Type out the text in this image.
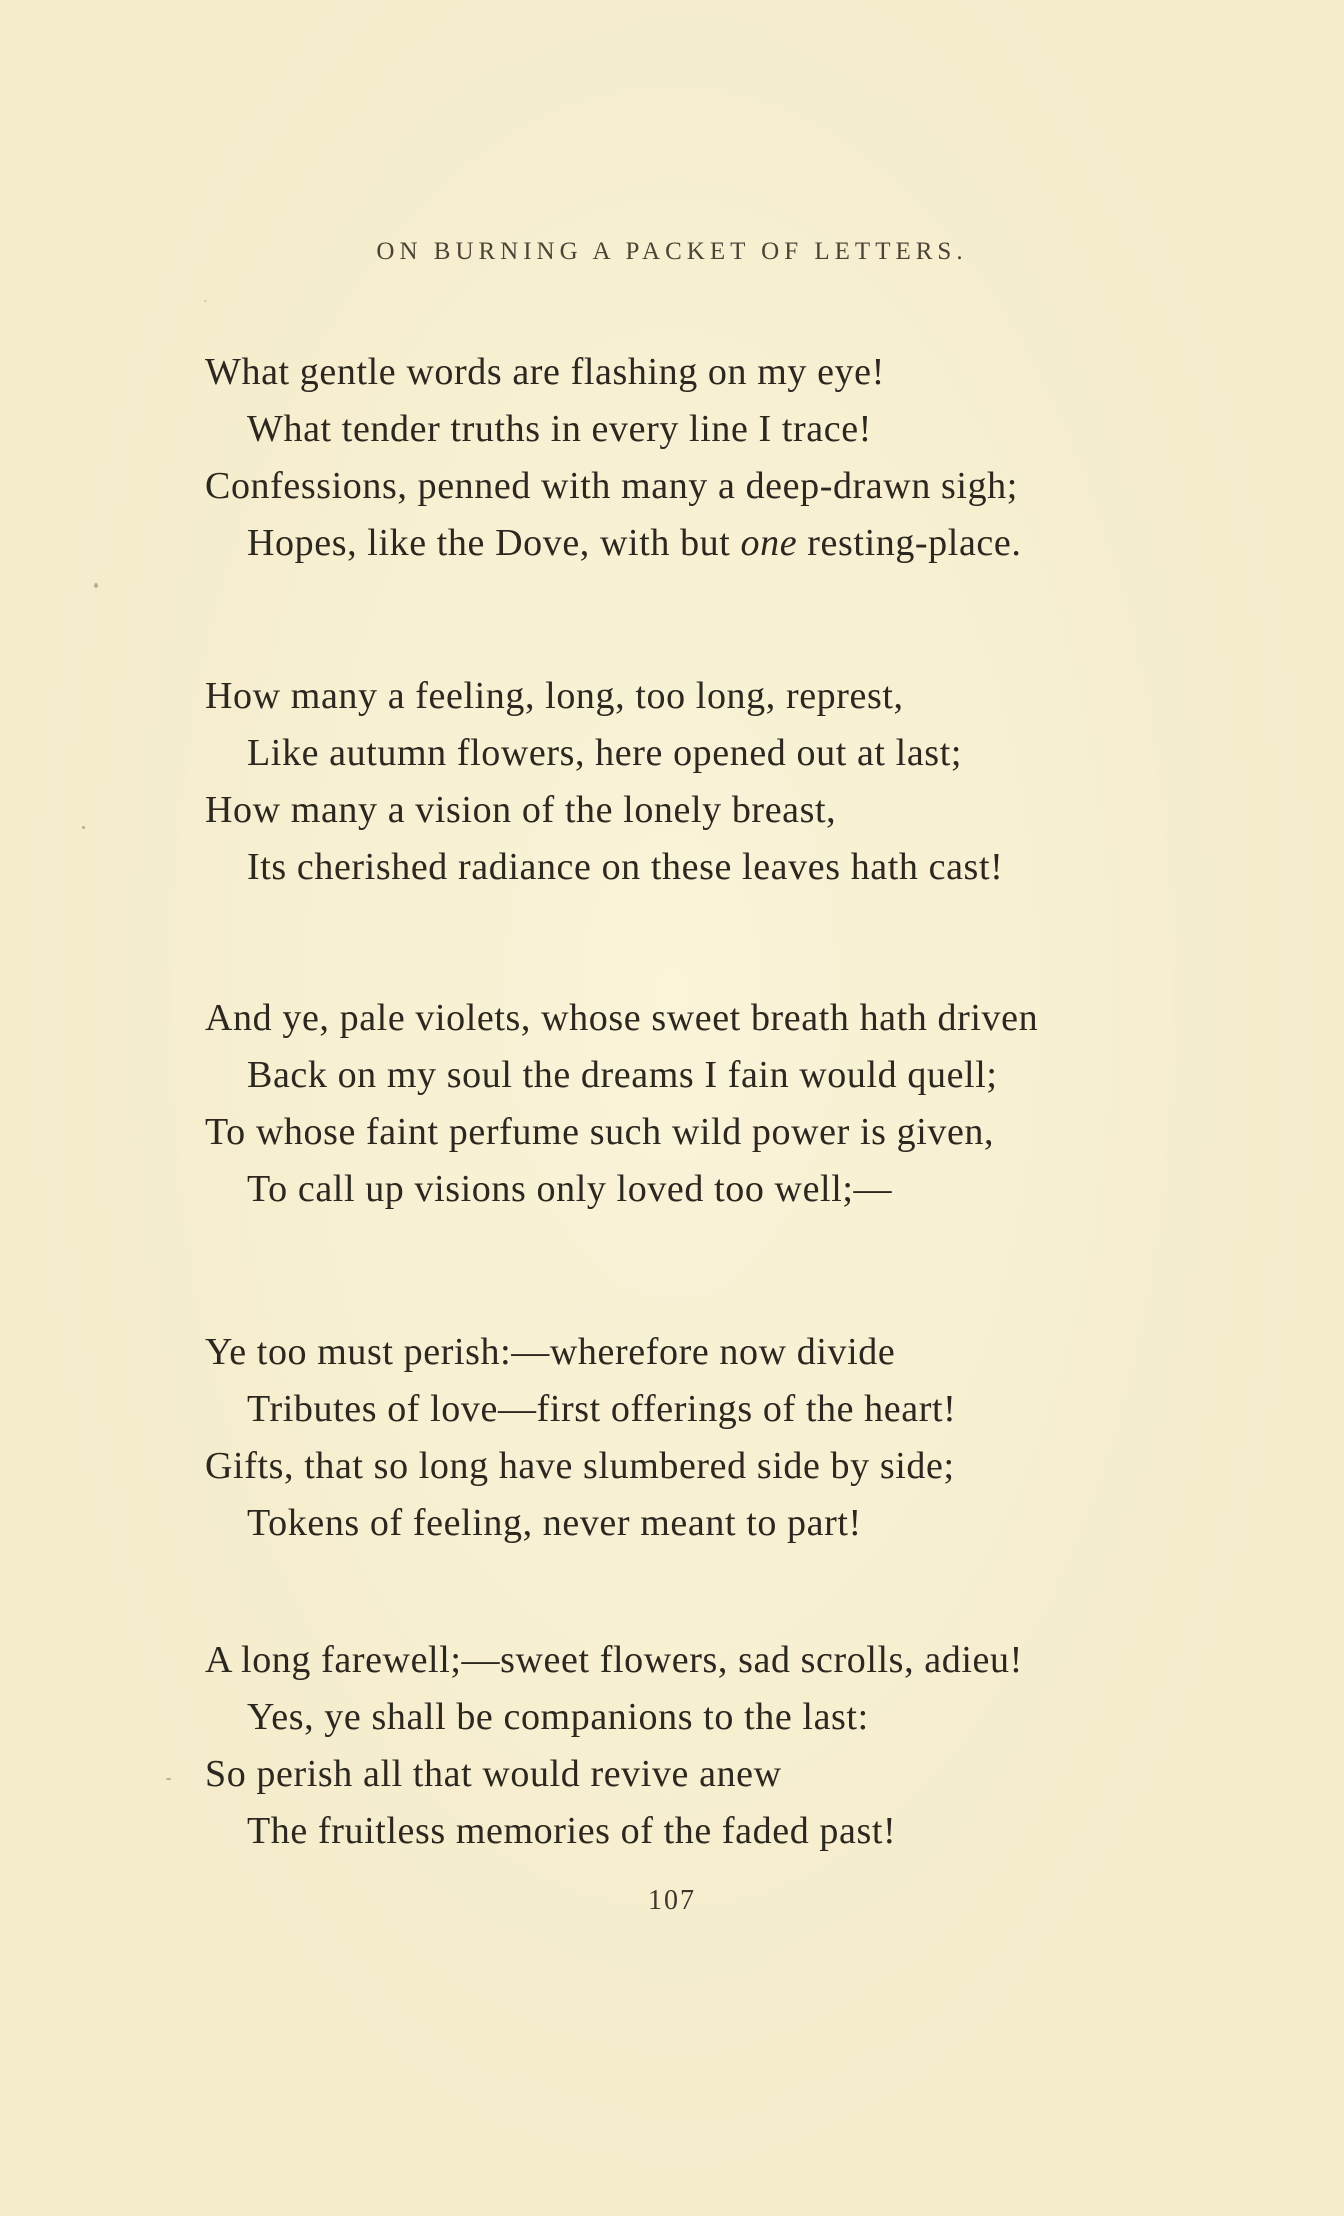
ON BURNING A PACKET OF LETTERS.
What gentle words are flashing on my eye!
What tender truths in every line I trace!
Confessions, penned with many a deep-drawn sigh;
Hopes, like the Dove, with but one resting-place.
How many a feeling, long, too long, represt,
Like autumn flowers, here opened out at last;
How many a vision of the lonely breast,
Its cherished radiance on these leaves hath cast!
And ye, pale violets, whose sweet breath hath driven
Back on my soul the dreams I fain would quell;
To whose faint perfume such wild power is given,
To call up visions only loved too well;—
Ye too must perish:—wherefore now divide
Tributes of love—first offerings of the heart!
Gifts, that so long have slumbered side by side;
Tokens of feeling, never meant to part!
A long farewell;—sweet flowers, sad scrolls, adieu!
Yes, ye shall be companions to the last:
So perish all that would revive anew
The fruitless memories of the faded past!
107
